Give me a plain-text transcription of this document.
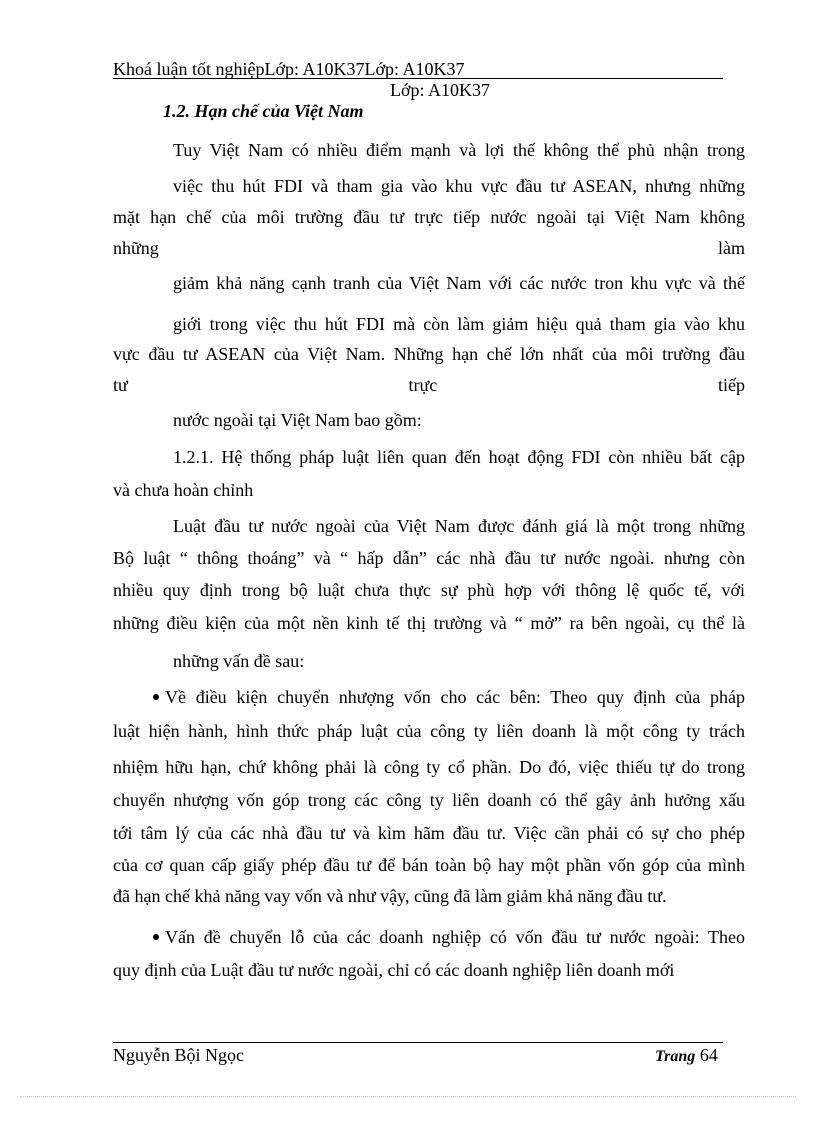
Khoá luận tốt nghiệpLớp: A10K37Lớp: A10K37
Lớp: A10K37
1.2. Hạn chế của Việt Nam
Tuy Việt Nam có nhiều điểm mạnh và lợi thế không thể phủ nhận trong
việc thu hút FDI và tham gia vào khu vực đầu tư ASEAN, nhưng những
mặt hạn chế của môi trường đầu tư trực tiếp nước ngoài tại Việt Nam không
những	làm
giảm khả năng cạnh tranh của Việt Nam với các nước tron khu vực và thế
giới trong việc thu hút FDI mà còn làm giảm hiệu quả tham gia vào khu
vực đầu tư ASEAN của Việt Nam. Những hạn chế lớn nhất của môi trường đầu
tư	trực	tiếp
nước ngoài tại Việt Nam bao gồm:
1.2.1. Hệ thống pháp luật liên quan đến hoạt động FDI còn nhiều bất cập
và chưa hoàn chỉnh
Luật đầu tư nước ngoài của Việt Nam được đánh giá là một trong những
Bộ luật “ thông thoáng” và “ hấp dẫn” các nhà đầu tư nước ngoài. nhưng còn
nhiều quy định trong bộ luật chưa thực sự phù hợp với thông lệ quốc tế, với
những điều kiện của một nền kinh tế thị trường và “ mở” ra bên ngoài, cụ thể là
những vấn đề sau:
Về điều kiện chuyển nhượng vốn cho các bên: Theo quy định của pháp
luật hiện hành, hình thức pháp luật của công ty liên doanh là một công ty trách
nhiệm hữu hạn, chứ không phải là công ty cổ phần. Do đó, việc thiếu tự do trong
chuyển nhượng vốn góp trong các công ty liên doanh có thể gây ảnh hưởng xấu
tới tâm lý của các nhà đầu tư và kìm hãm đầu tư. Việc cần phải có sự cho phép
của cơ quan cấp giấy phép đầu tư để bán toàn bộ hay một phần vốn góp của mình
đã hạn chế khả năng vay vốn và như vậy, cũng đã làm giảm khả năng đầu tư.
Vấn đề chuyển lỗ của các doanh nghiệp có vốn đầu tư nước ngoài: Theo
quy định của Luật đầu tư nước ngoài, chỉ có các doanh nghiệp liên doanh mới
Nguyễn Bội Ngọc	Trang 64
